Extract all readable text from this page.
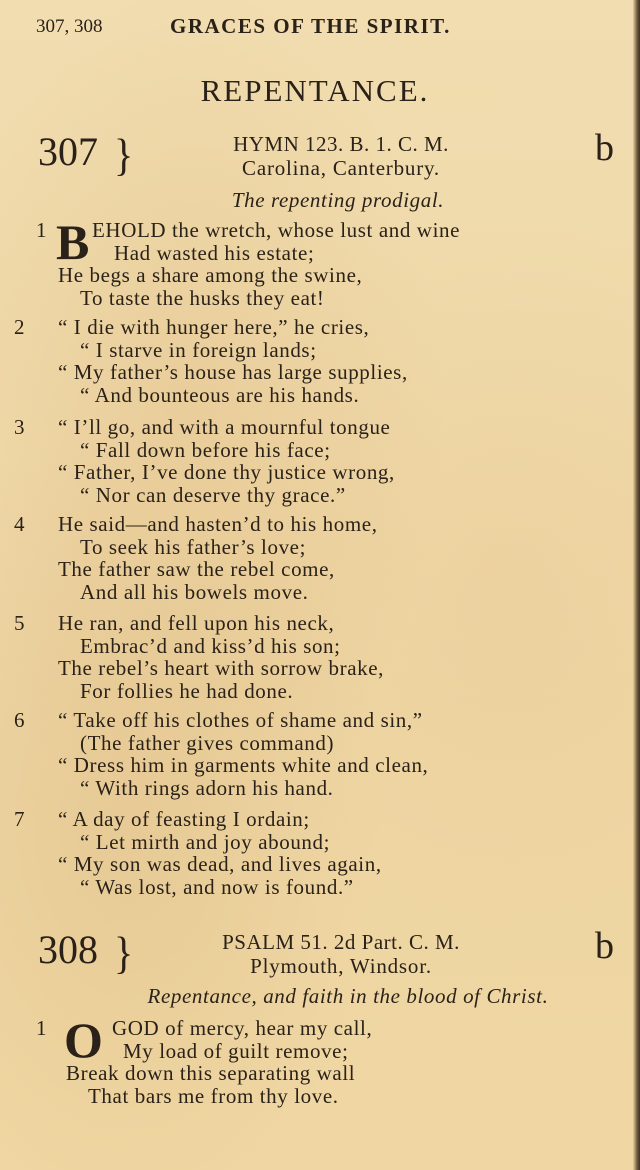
307, 308	GRACES OF THE SPIRIT.
REPENTANCE.
307 }	HYMN 123. B. 1. C. M.
Carolina, Canterbury.	b
The repenting prodigal.
1 B EHOLD the wretch, whose lust and wine
Had wasted his estate;
He begs a share among the swine,
To taste the husks they eat!
2 “ I die with hunger here,” he cries,
“ I starve in foreign lands;
“ My father’s house has large supplies,
“ And bounteous are his hands.
3 “ I’ll go, and with a mournful tongue
“ Fall down before his face;
“ Father, I’ve done thy justice wrong,
“ Nor can deserve thy grace.”
4 He said—and hasten’d to his home,
To seek his father’s love;
The father saw the rebel come,
And all his bowels move.
5 He ran, and fell upon his neck,
Embrac’d and kiss’d his son;
The rebel’s heart with sorrow brake,
For follies he had done.
6 “ Take off his clothes of shame and sin,”
(The father gives command)
“ Dress him in garments white and clean,
“ With rings adorn his hand.
7 “ A day of feasting I ordain;
“ Let mirth and joy abound;
“ My son was dead, and lives again,
“ Was lost, and now is found.”
308 }	PSALM 51. 2d Part. C. M.
Plymouth, Windsor.	b
Repentance, and faith in the blood of Christ.
1 O GOD of mercy, hear my call,
My load of guilt remove;
Break down this separating wall
That bars me from thy love.
